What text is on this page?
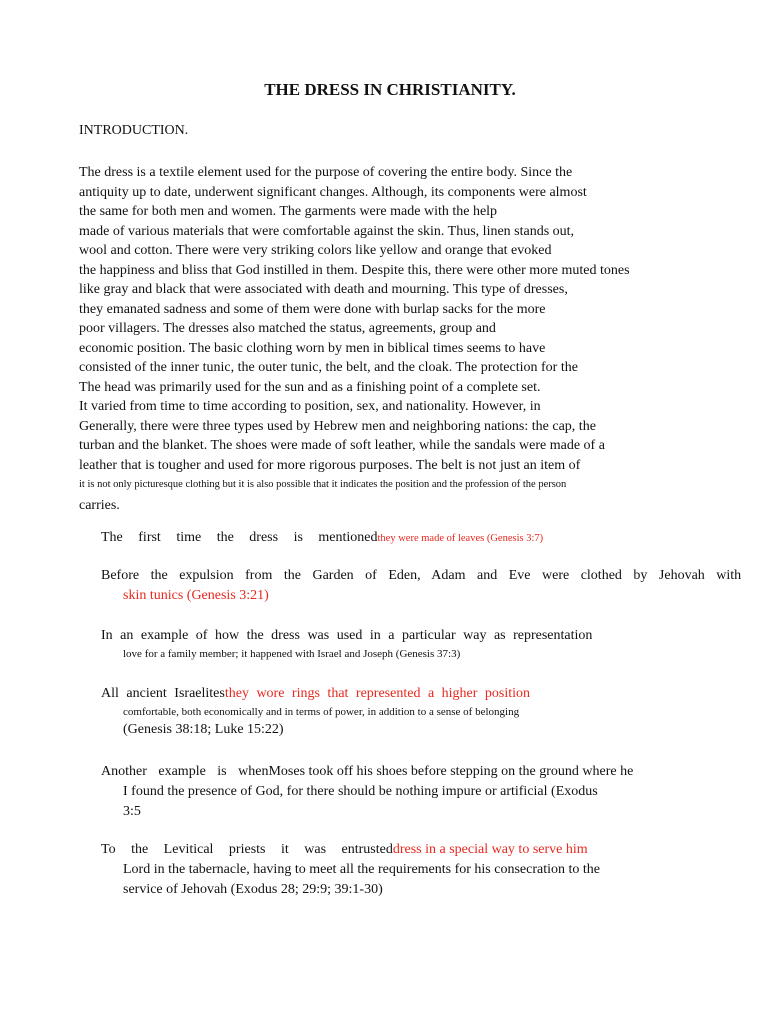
THE DRESS IN CHRISTIANITY.
INTRODUCTION.
The dress is a textile element used for the purpose of covering the entire body. Since the
antiquity up to date, underwent significant changes. Although, its components were almost
the same for both men and women. The garments were made with the help
made of various materials that were comfortable against the skin. Thus, linen stands out,
wool and cotton. There were very striking colors like yellow and orange that evoked
the happiness and bliss that God instilled in them. Despite this, there were other more muted tones
like gray and black that were associated with death and mourning. This type of dresses,
they emanated sadness and some of them were done with burlap sacks for the more
poor villagers. The dresses also matched the status, agreements, group and
economic position. The basic clothing worn by men in biblical times seems to have
consisted of the inner tunic, the outer tunic, the belt, and the cloak. The protection for the
The head was primarily used for the sun and as a finishing point of a complete set.
It varied from time to time according to position, sex, and nationality. However, in
Generally, there were three types used by Hebrew men and neighboring nations: the cap, the
turban and the blanket. The shoes were made of soft leather, while the sandals were made of a
leather that is tougher and used for more rigorous purposes. The belt is not just an item of
it is not only picturesque clothing but it is also possible that it indicates the position and the profession of the person
carries.
The first time the dress is mentionedthey were made of leaves (Genesis 3:7)
Before the expulsion from the Garden of Eden, Adam and Eve were clothed by Jehovah with
skin tunics (Genesis 3:21)
In an example of how the dress was used in a particular way as representation
love for a family member; it happened with Israel and Joseph (Genesis 37:3)
All ancient Israelitesthey wore rings that represented a higher position
comfortable, both economically and in terms of power, in addition to a sense of belonging
(Genesis 38:18; Luke 15:22)
Another example is whenMoses took off his shoes before stepping on the ground where he
I found the presence of God, for there should be nothing impure or artificial (Exodus
3:5
To the Levitical priests it was entrusteddress in a special way to serve him
Lord in the tabernacle, having to meet all the requirements for his consecration to the
service of Jehovah (Exodus 28; 29:9; 39:1-30)
